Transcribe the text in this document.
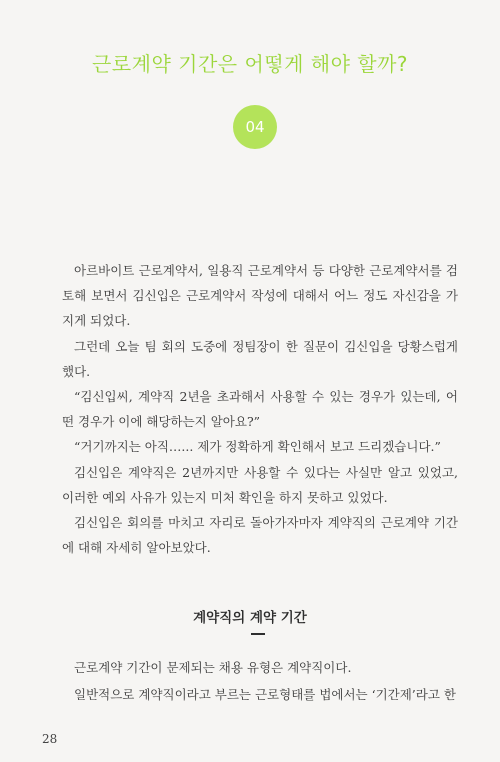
근로계약 기간은 어떻게 해야 할까?
04

아르바이트 근로계약서, 일용직 근로계약서 등 다양한 근로계약서를 검토해 보면서 김신입은 근로계약서 작성에 대해서 어느 정도 자신감을 가지게 되었다.

그런데 오늘 팀 회의 도중에 정팀장이 한 질문이 김신입을 당황스럽게 했다.

“김신입씨, 계약직 2년을 초과해서 사용할 수 있는 경우가 있는데, 어떤 경우가 이에 해당하는지 알아요?”

“거기까지는 아직…... 제가 정확하게 확인해서 보고 드리겠습니다.”

김신입은 계약직은 2년까지만 사용할 수 있다는 사실만 알고 있었고, 이러한 예외 사유가 있는지 미처 확인을 하지 못하고 있었다.

김신입은 회의를 마치고 자리로 돌아가자마자 계약직의 근로계약 기간에 대해 자세히 알아보았다.

계약직의 계약 기간

근로계약 기간이 문제되는 채용 유형은 계약직이다.

일반적으로 계약직이라고 부르는 근로형태를 법에서는 ‘기간제’라고 한

28
